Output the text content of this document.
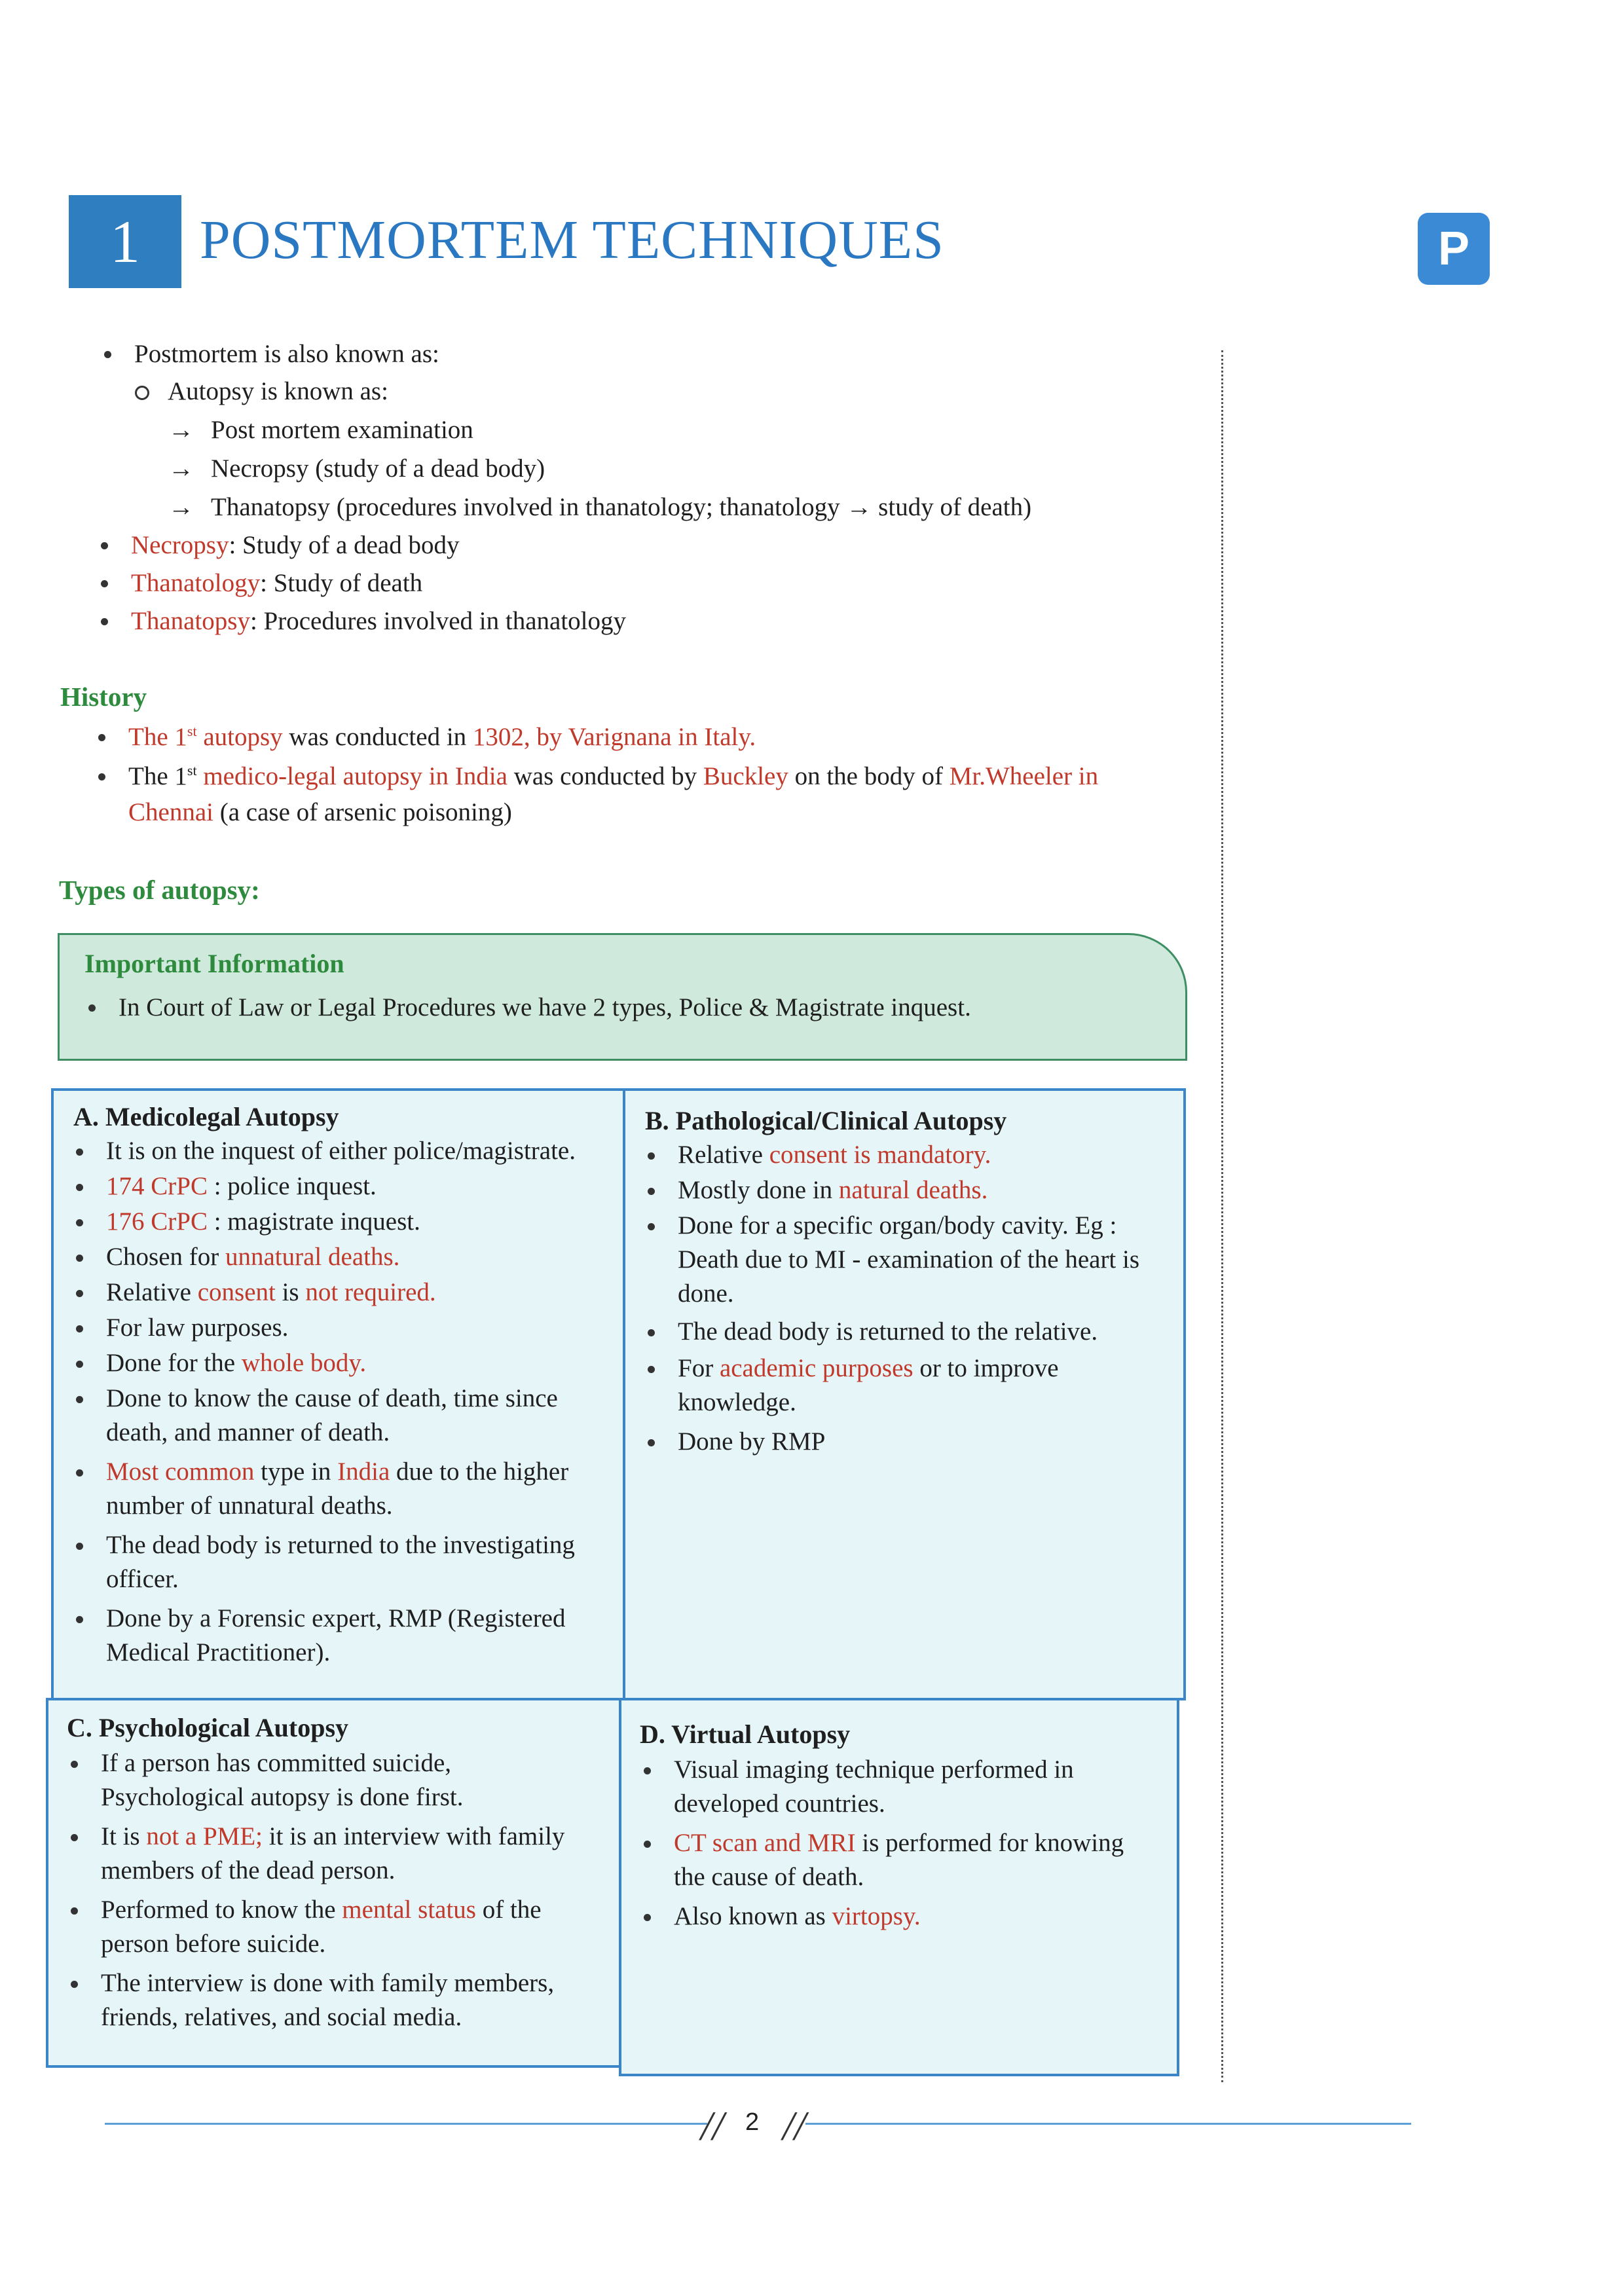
1 POSTMORTEM TECHNIQUES	P
Postmortem is also known as:
Autopsy is known as:
→ Post mortem examination
→ Necropsy (study of a dead body)
→ Thanatopsy (procedures involved in thanatology; thanatology → study of death)
Necropsy: Study of a dead body
Thanatology: Study of death
Thanatopsy: Procedures involved in thanatology
History
The 1st autopsy was conducted in 1302, by Varignana in Italy.
The 1st medico-legal autopsy in India was conducted by Buckley on the body of Mr.Wheeler in
Chennai (a case of arsenic poisoning)
Types of autopsy:
Important Information
In Court of Law or Legal Procedures we have 2 types, Police & Magistrate inquest.
A. Medicolegal Autopsy
It is on the inquest of either police/magistrate.
174 CrPC : police inquest.
176 CrPC : magistrate inquest.
Chosen for unnatural deaths.
Relative consent is not required.
For law purposes.
Done for the whole body.
Done to know the cause of death, time since
death, and manner of death.
Most common type in India due to the higher
number of unnatural deaths.
The dead body is returned to the investigating
officer.
Done by a Forensic expert, RMP (Registered
Medical Practitioner).
B. Pathological/Clinical Autopsy
Relative consent is mandatory.
Mostly done in natural deaths.
Done for a specific organ/body cavity. Eg :
Death due to MI - examination of the heart is
done.
The dead body is returned to the relative.
For academic purposes or to improve
knowledge.
Done by RMP
C. Psychological Autopsy
If a person has committed suicide,
Psychological autopsy is done first.
It is not a PME; it is an interview with family
members of the dead person.
Performed to know the mental status of the
person before suicide.
The interview is done with family members,
friends, relatives, and social media.
D. Virtual Autopsy
Visual imaging technique performed in
developed countries.
CT scan and MRI is performed for knowing
the cause of death.
Also known as virtopsy.
// 2 //
